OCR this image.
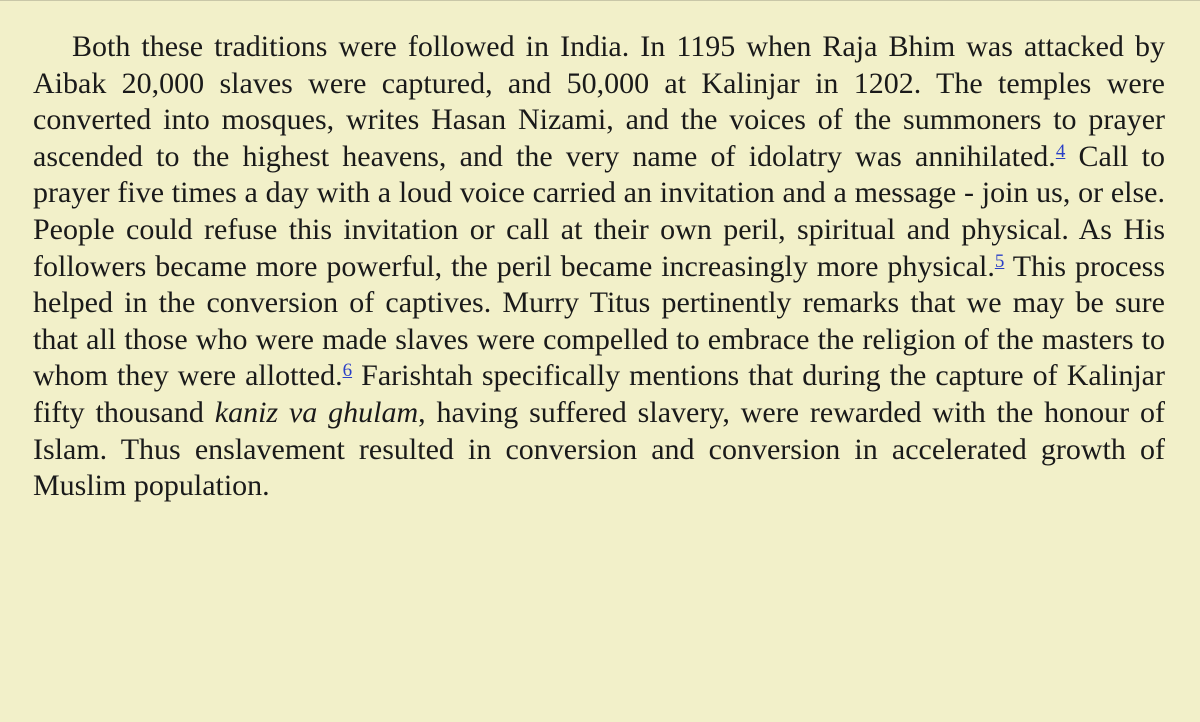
Both these traditions were followed in India. In 1195 when Raja Bhim was attacked by Aibak 20,000 slaves were captured, and 50,000 at Kalinjar in 1202. The temples were converted into mosques, writes Hasan Nizami, and the voices of the summoners to prayer ascended to the highest heavens, and the very name of idolatry was annihilated.$^4$ Call to prayer five times a day with a loud voice carried an invitation and a message - join us, or else. People could refuse this invitation or call at their own peril, spiritual and physical. As His followers became more powerful, the peril became increasingly more physical.$^5$ This process helped in the conversion of captives. Murry Titus pertinently remarks that we may be sure that all those who were made slaves were compelled to embrace the religion of the masters to whom they were allotted.$^6$ Farishtah specifically mentions that during the capture of Kalinjar fifty thousand kaniz va ghulam, having suffered slavery, were rewarded with the honour of Islam. Thus enslavement resulted in conversion and conversion in accelerated growth of Muslim population.
